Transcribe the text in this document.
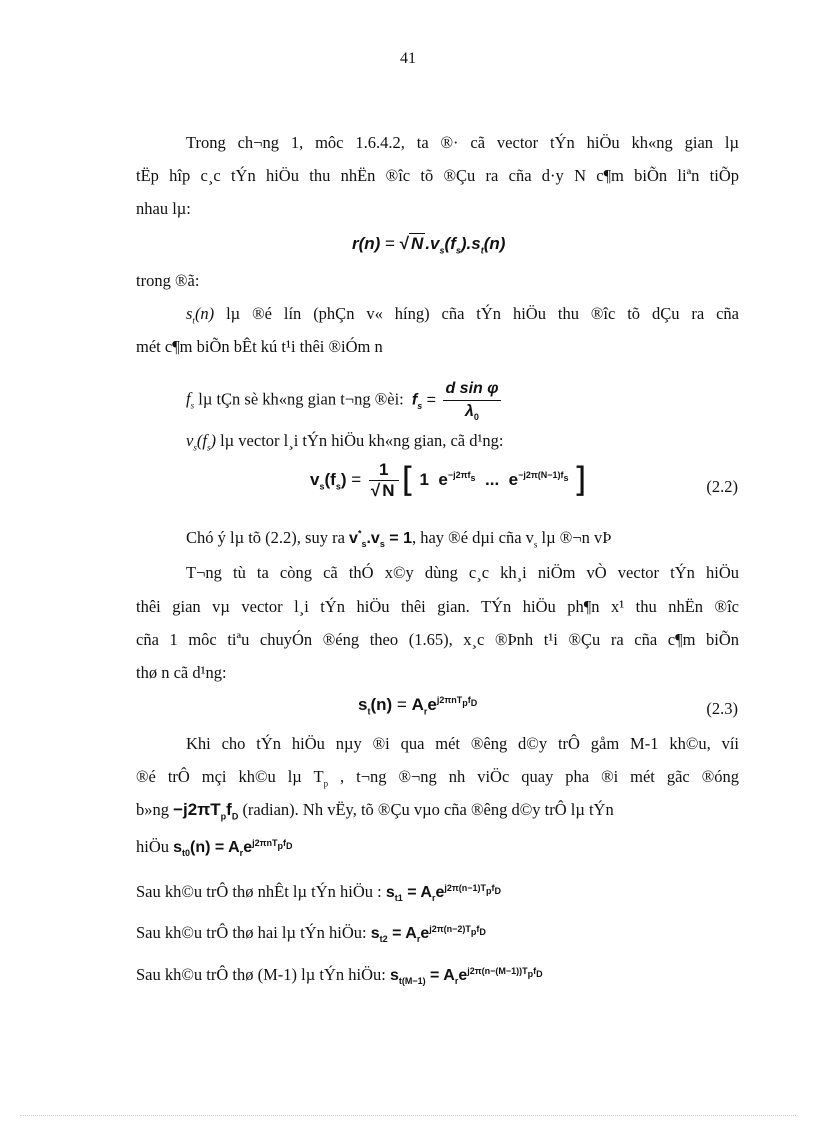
41
Trong ch¬ng 1, môc 1.6.4.2, ta ®· cã vector tÝn hiÖu kh«ng gian lµ
tËp hîp c¸c tÝn hiÖu thu nhËn ®îc tõ ®Çu ra cña d·y N c¶m biÕn liªn tiÕp
nhau lµ:
r(n) = √ N $.v_s(f_s).s_t(n)$
trong ®ã:
$s_t(n)$ lµ ®é lín (phÇn v« híng) cña tÝn hiÖu thu ®îc tõ dÇu ra cña
mét c¶m biÕn bÊt kú t¹i thêi ®iÓm n
$f_s$ lµ tÇn sè kh«ng gian t¬ng ®èi: $f_s = \frac{\text{d sin φ}}{\lambda_0}$
$v_s(f_s)$ lµ vector l¸i tÝn hiÖu kh«ng gian, cã d¹ng:
$v_s(f_s) = \frac{1}{√ N}$ [ 1 $e^{-j2\pi f_s}$ ... $e^{-j2\pi(N-1)f_s}$ ]	(2.2)
Chó ý lµ tõ (2.2), suy ra $v^*_s.v_s = 1$, hay ®é dµi cña $v_s$ lµ ®¬n vÞ
T¬ng tù ta còng cã thÓ x©y dùng c¸c kh¸i niÖm vÒ vector tÝn hiÖu
thêi gian vµ vector l¸i tÝn hiÖu thêi gian. TÝn hiÖu ph¶n x¹ thu nhËn ®îc
cña 1 môc tiªu chuyÓn ®éng theo (1.65), x¸c ®Þnh t¹i ®Çu ra cña c¶m biÕn
thø n cã d¹ng:
$s_t(n) = A_re^{j2\pi nT_pf_D}$	(2.3)
Khi cho tÝn hiÖu nµy ®i qua mét ®êng d©y trÔ gåm M-1 kh©u, víi
®é trÔ mçi kh©u lµ $T_p$ , t¬ng ®¬ng nh viÖc quay pha ®i mét gãc ®óng
b»ng $-j2\pi T_pf_D$ (radian). Nh vËy, tõ ®Çu vµo cña ®êng d©y trÔ lµ tÝn
hiÖu $s_{t0}(n) = A_re^{j2\pi nT_pf_D}$
Sau kh©u trÔ thø nhÊt lµ tÝn hiÖu : $s_{t1} = A_re^{j2\pi(n-1)T_pf_D}$
Sau kh©u trÔ thø hai lµ tÝn hiÖu: $s_{t2} = A_re^{j2\pi(n-2)T_pf_D}$
Sau kh©u trÔ thø (M-1) lµ tÝn hiÖu: $s_{t(M-1)} = A_re^{j2\pi(n-(M-1))T_pf_D}$
